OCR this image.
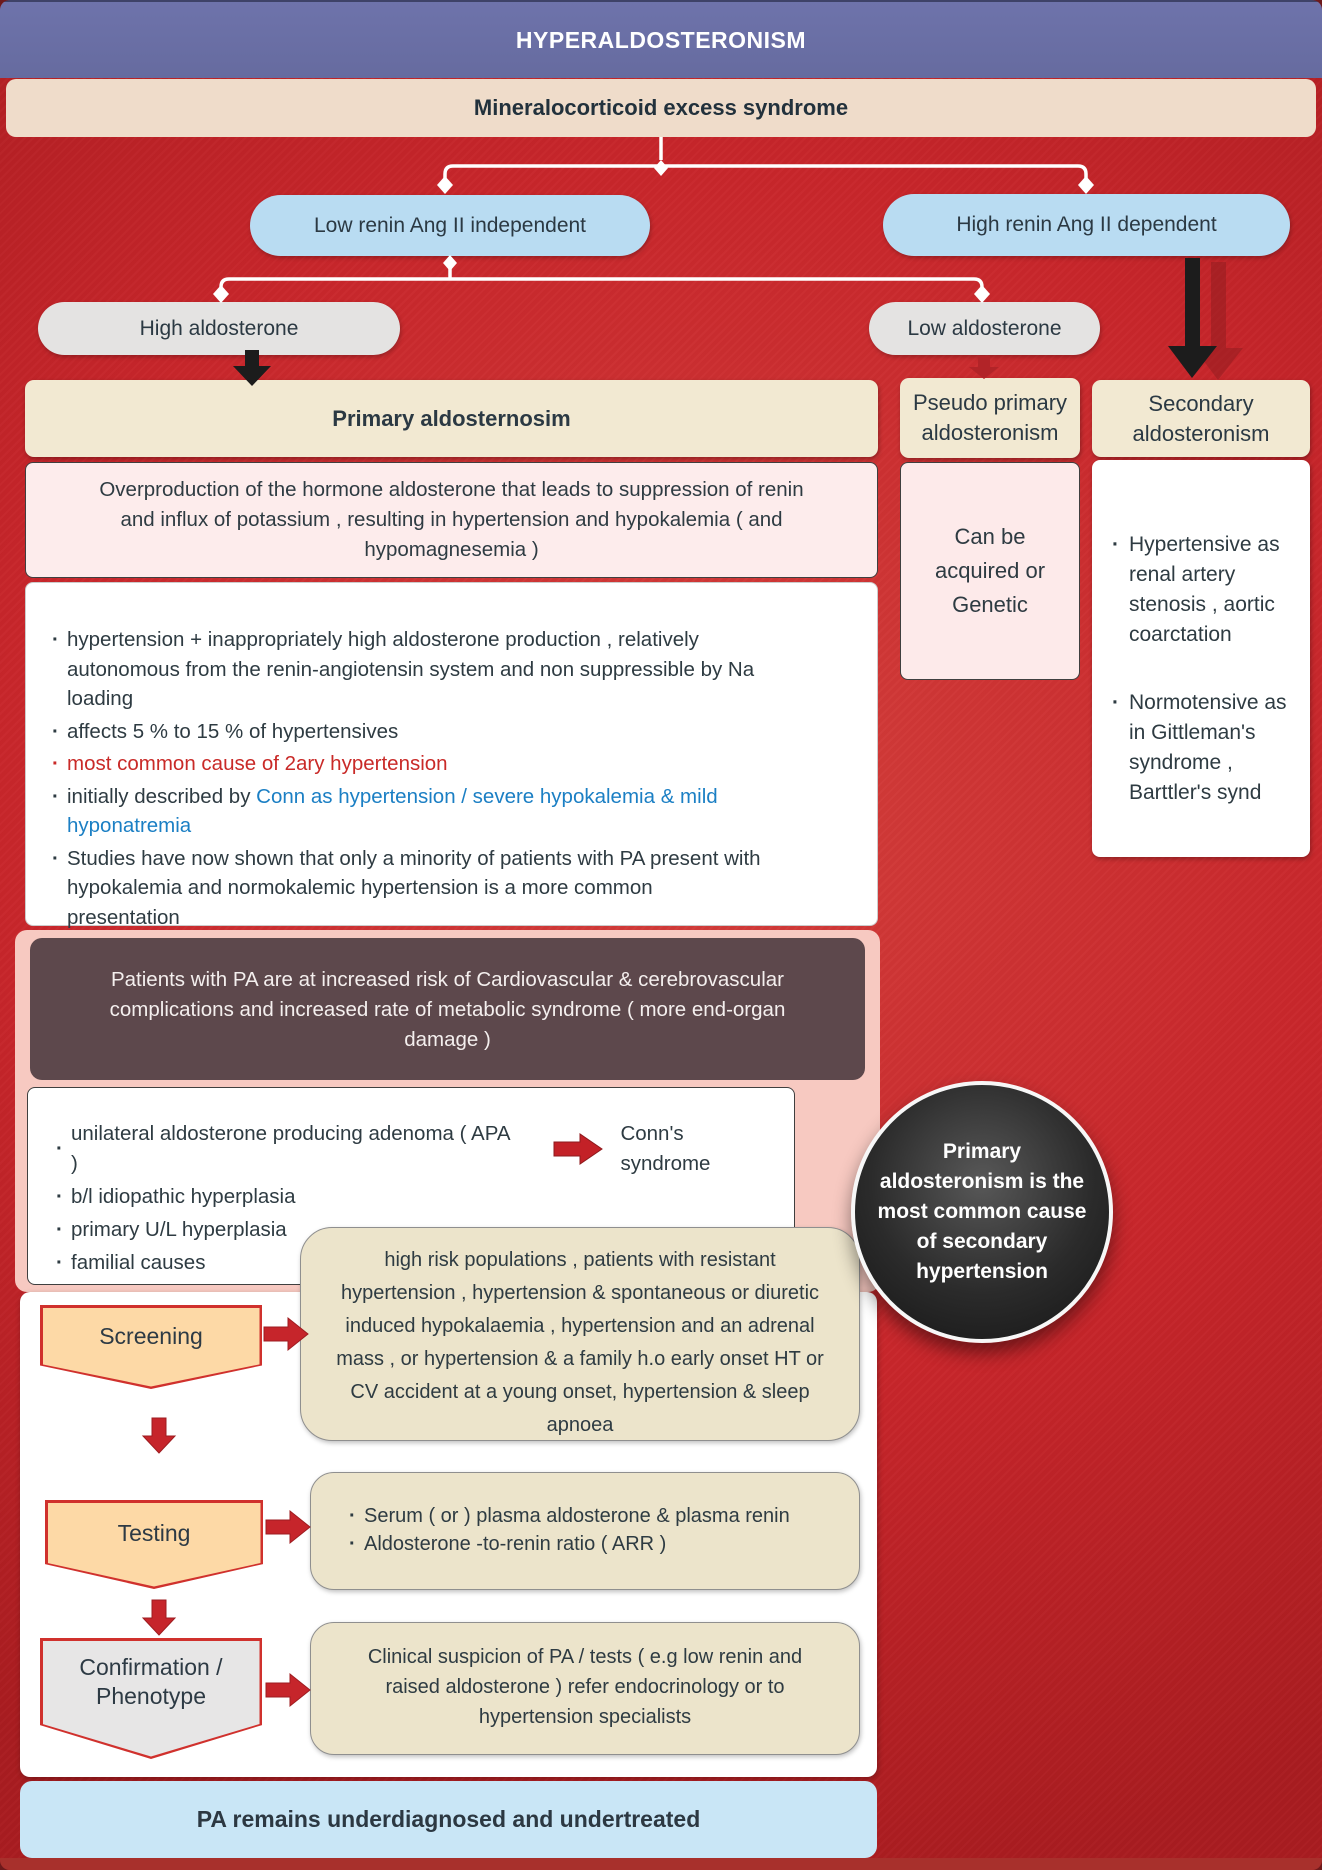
HYPERALDOSTERONISM
Mineralocorticoid excess syndrome
Low renin Ang II independent	High renin Ang II dependent
High aldosterone	Low aldosterone
Primary aldosternosim
Overproduction of the hormone aldosterone that leads to suppression of renin and influx of potassium , resulting in hypertension and hypokalemia ( and hypomagnesemia )
· hypertension + inappropriately high aldosterone production , relatively autonomous from the renin-angiotensin system and non suppressible by Na loading
· affects 5 % to 15 % of hypertensives
· most common cause of 2ary hypertension
· initially described by Conn as hypertension / severe hypokalemia & mild hyponatremia
· Studies have now shown that only a minority of patients with PA present with hypokalemia and normokalemic hypertension is a more common presentation
Patients with PA are at increased risk of Cardiovascular & cerebrovascular complications and increased rate of metabolic syndrome ( more end-organ damage )
· unilateral aldosterone producing adenoma ( APA )
Conn's syndrome
· b/l idiopathic hyperplasia
· primary U/L hyperplasia
· familial causes
Primary aldosteronism is the most common cause of secondary hypertension
Pseudo primary aldosteronism
Can be acquired or Genetic
Secondary aldosteronism
· Hypertensive as renal artery stenosis , aortic coarctation
· Normotensive as in Gittleman's syndrome , Barttler's synd
Screening
high risk populations , patients with resistant hypertension , hypertension & spontaneous or diuretic induced hypokalaemia , hypertension and an adrenal mass , or hypertension & a family h.o early onset HT or CV accident at a young onset, hypertension & sleep apnoea
Testing
· Serum ( or ) plasma aldosterone & plasma renin
· Aldosterone -to-renin ratio ( ARR )
Confirmation / Phenotype
Clinical suspicion of PA / tests ( e.g low renin and raised aldosterone ) refer endocrinology or to hypertension specialists
PA remains underdiagnosed and undertreated
